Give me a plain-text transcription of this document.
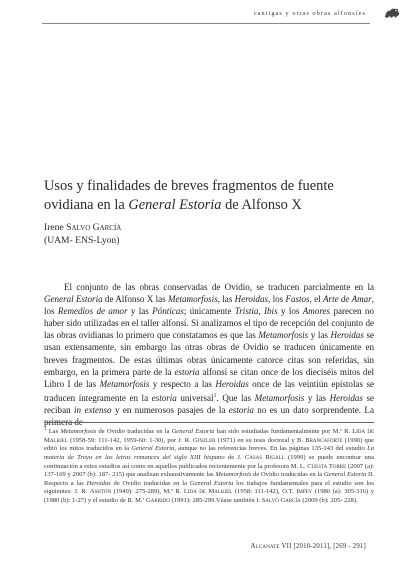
cantigas y otras obras alfonsíes
Usos y finalidades de breves fragmentos de fuente ovidiana en la General Estoria de Alfonso X
Irene Salvo García
(UAM- ENS-Lyon)

El conjunto de las obras conservadas de Ovidio, se traducen parcialmente en la General Estoria de Alfonso X las Metamorfosis, las Heroidas, los Fastos, el Arte de Amar, los Remedios de amor y las Pónticas; únicamente Tristia, Ibis y los Amores parecen no haber sido utilizadas en el taller alfonsí. Si analizamos el tipo de recepción del conjunto de las obras ovidianas lo primero que constatamos es que las Metamorfosis y las Heroidas se usan extensamente, sin embargo las otras obras de Ovidio se traducen únicamente en breves fragmentos. De estas últimas obras únicamente catorce citas son referidas, sin embargo, en la primera parte de la estoria alfonsí se citan once de los dieciséis mitos del Libro I de las Metamorfosis y respecto a las Heroidas once de las veintiún epístolas se traducen íntegramente en la estoria universal$^1$. Que las Metamorfosis y las Heroidas se reciban in extenso y en numerosos pasajes de la estoria no es un dato sorprendente. La primera de

$^1$ Las Metamorfosis de Ovidio traducidas en la General Estoria han sido estudiadas fundamentalmente por M.ª R. Lida de Malkiel (1958-59: 111-142, 1959-60: 1-30), por J. R. Ginzler (1971) en su tesis doctoral y B. Brancaforte (1990) que editó los mitos traducidos en la General Estoria, aunque no las referencias breves. En las páginas 135-143 del estudio La materia de Troya en las letras romances del siglo XIII hispano de J. Casas Rigall (1999) se puede encontrar una continuación a estos estudios así como en aquellos publicados recientemente por la profesora M. L. Cuesta Torre (2007 (a): 137-169 y 2007 (b): 187- 215) que analizan exhaustivamente las Metamorfosis de Ovidio traducidas en la General Estoria II. Respecto a las Heroidas de Ovidio traducidas en la General Estoria los trabajos fundamentales para el estudio son los siguientes: J. R. Ashton (1949): 275-289), M.ª R. Lida de Malkiel (1958: 111-142), O.T. Impey (1980 (a): 305-316) y (1980 (b): 1-27) y el estudio de R. M.ª Garrido (1991): 285-299.Véase también I. Salvo García (2009 (b): 205- 228).
Alcanate VII [2010-2011], [269 - 291]
